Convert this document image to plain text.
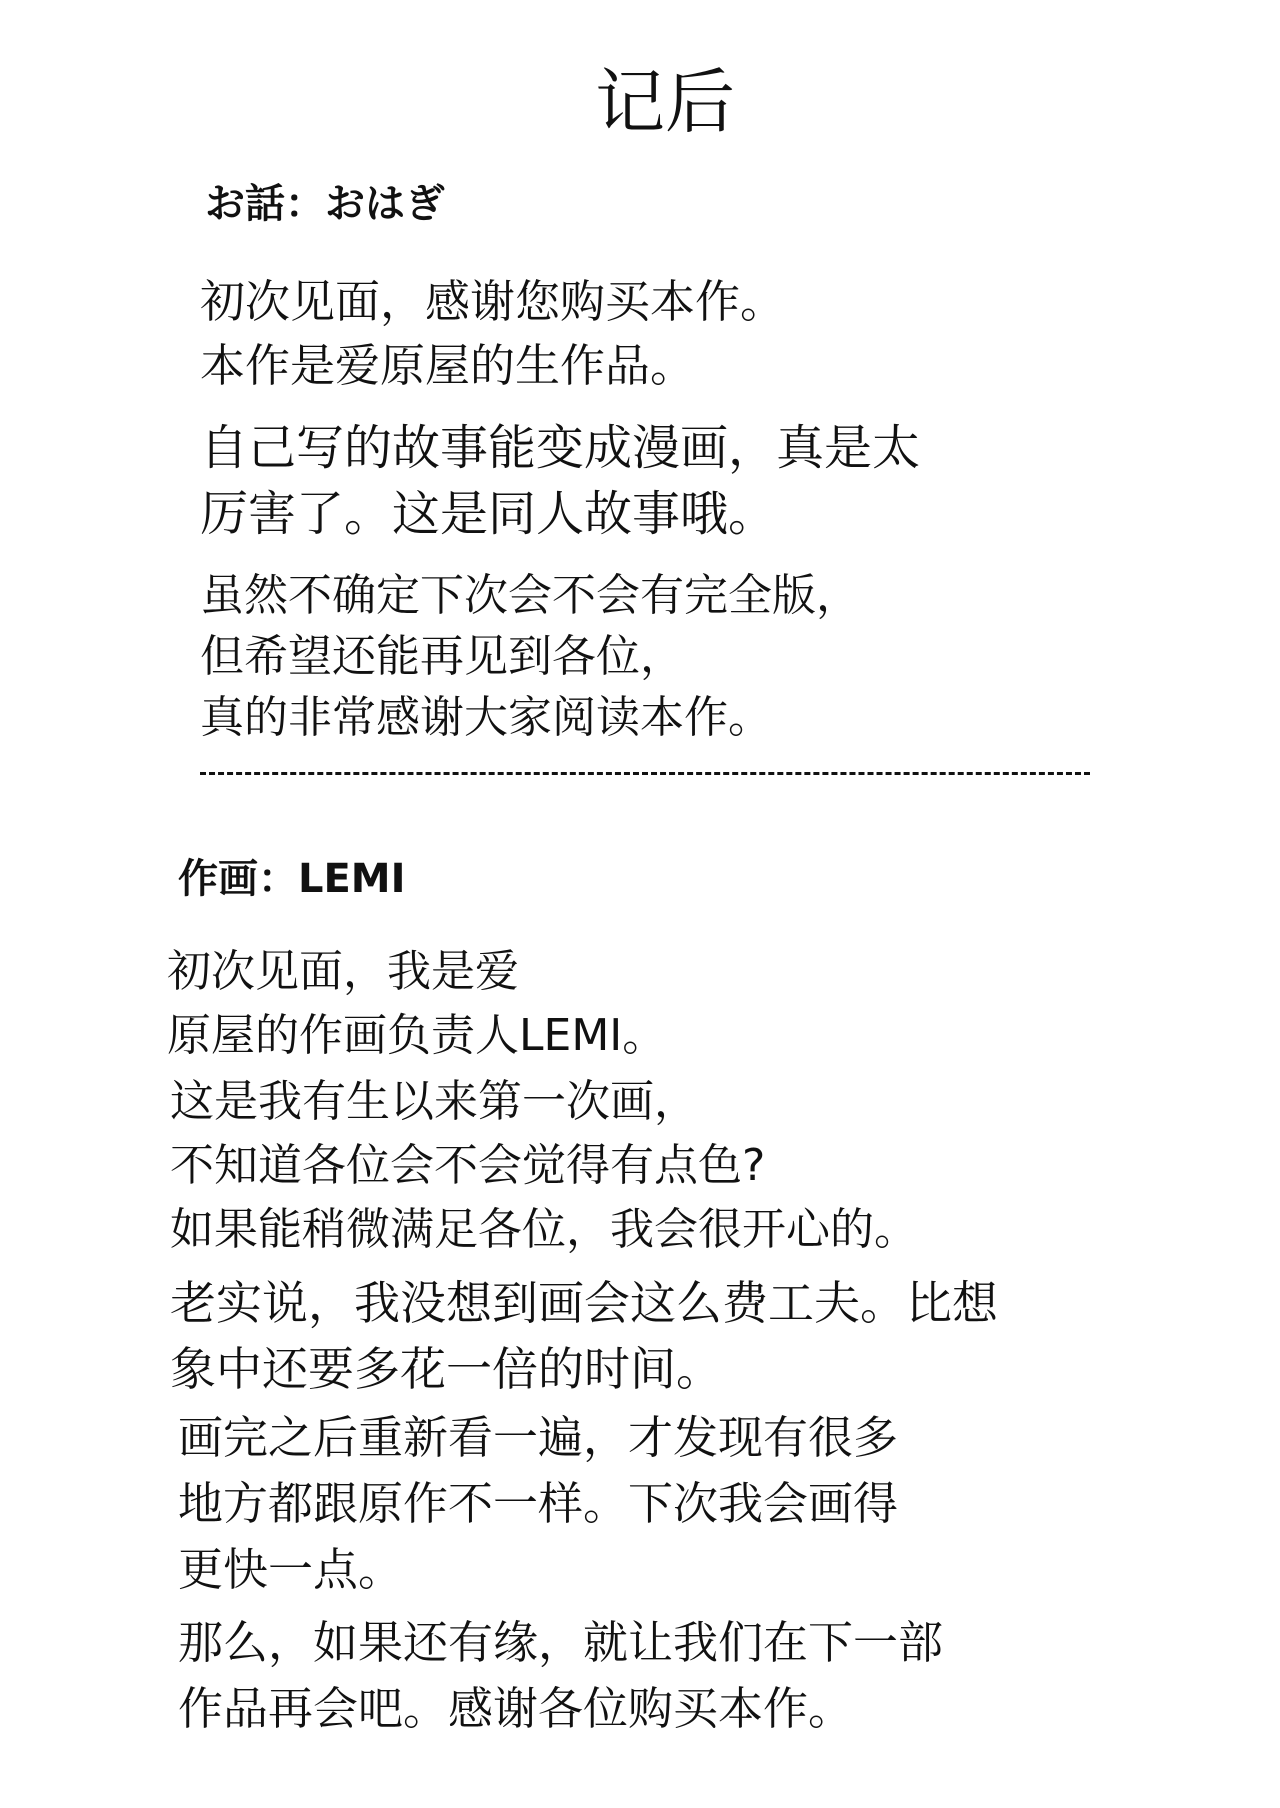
记后
お話：おはぎ

初次见面，感谢您购买本作。
本作是爱原屋的生作品。

自己写的故事能变成漫画，真是太
厉害了。这是同人故事哦。

虽然不确定下次会不会有完全版，
但希望还能再见到各位，
真的非常感谢大家阅读本作。

作画：LEMI

初次见面，我是爱
原屋的作画负责人LEMI。

这是我有生以来第一次画，
不知道各位会不会觉得有点色?
如果能稍微满足各位，我会很开心的。

老实说，我没想到画会这么费工夫。比想
象中还要多花一倍的时间。

画完之后重新看一遍，才发现有很多
地方都跟原作不一样。下次我会画得
更快一点。

那么，如果还有缘，就让我们在下一部
作品再会吧。感谢各位购买本作。
